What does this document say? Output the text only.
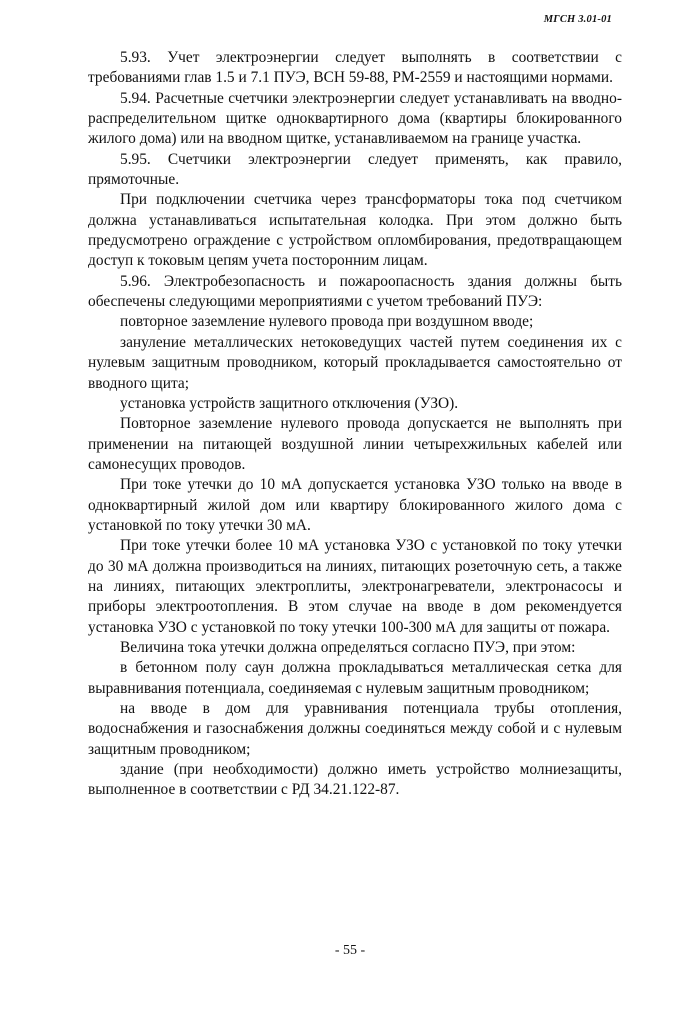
МГСН 3.01-01

5.93. Учет электроэнергии следует выполнять в соответствии с требованиями глав 1.5 и 7.1 ПУЭ, ВСН 59-88, РМ-2559 и настоящими нормами.

5.94. Расчетные счетчики электроэнергии следует устанавливать на вводно-распределительном щитке одноквартирного дома (квартиры блокированного жилого дома) или на вводном щитке, устанавливаемом на границе участка.

5.95. Счетчики электроэнергии следует применять, как правило, прямоточные.

При подключении счетчика через трансформаторы тока под счетчиком должна устанавливаться испытательная колодка. При этом должно быть предусмотрено ограждение с устройством опломбирования, предотвращающем доступ к токовым цепям учета посторонним лицам.

5.96. Электробезопасность и пожароопасность здания должны быть обеспечены следующими мероприятиями с учетом требований ПУЭ:

повторное заземление нулевого провода при воздушном вводе;

зануление металлических нетоковедущих частей путем соединения их с нулевым защитным проводником, который прокладывается самостоятельно от вводного щита;

установка устройств защитного отключения (УЗО).

Повторное заземление нулевого провода допускается не выполнять при применении на питающей воздушной линии четырехжильных кабелей или самонесущих проводов.

При токе утечки до 10 мА допускается установка УЗО только на вводе в одноквартирный жилой дом или квартиру блокированного жилого дома с установкой по току утечки 30 мА.

При токе утечки более 10 мА установка УЗО с установкой по току утечки до 30 мА должна производиться на линиях, питающих розеточную сеть, а также на линиях, питающих электроплиты, электронагреватели, электронасосы и приборы электроотопления. В этом случае на вводе в дом рекомендуется установка УЗО с установкой по току утечки 100-300 мА для защиты от пожара.

Величина тока утечки должна определяться согласно ПУЭ, при этом:

в бетонном полу саун должна прокладываться металлическая сетка для выравнивания потенциала, соединяемая с нулевым защитным проводником;

на вводе в дом для уравнивания потенциала трубы отопления, водоснабжения и газоснабжения должны соединяться между собой и с нулевым защитным проводником;

здание (при необходимости) должно иметь устройство молниезащиты, выполненное в соответствии с РД 34.21.122-87.

- 55 -
